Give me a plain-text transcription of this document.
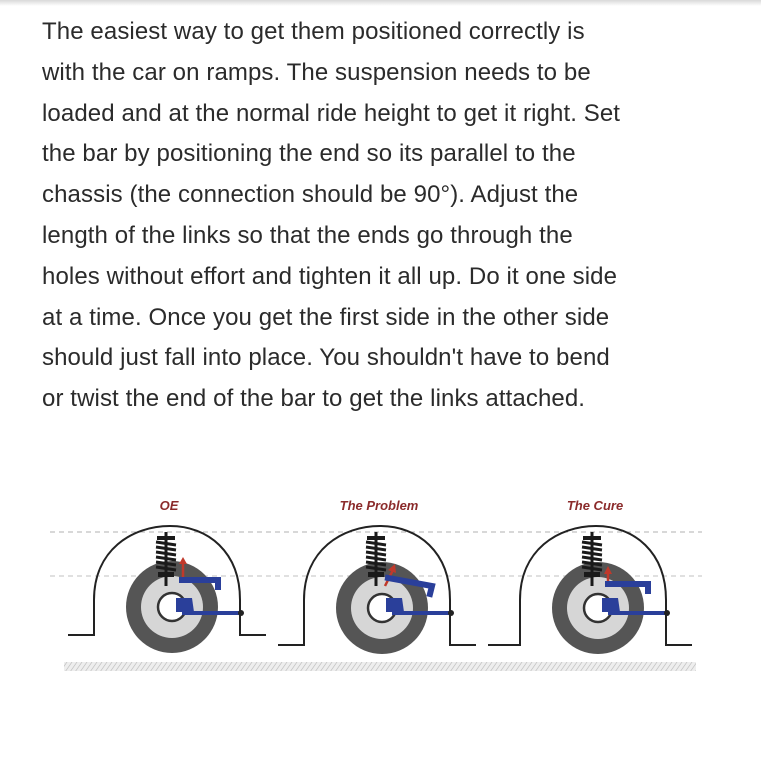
The easiest way to get them positioned correctly is
with the car on ramps. The suspension needs to be
loaded and at the normal ride height to get it right. Set
the bar by positioning the end so its parallel to the
chassis (the connection should be 90°). Adjust the
length of the links so that the ends go through the
holes without effort and tighten it all up. Do it one side
at a time. Once you get the first side in the other side
should just fall into place. You shouldn't have to bend
or twist the end of the bar to get the links attached.

OE	The Problem	The Cure
